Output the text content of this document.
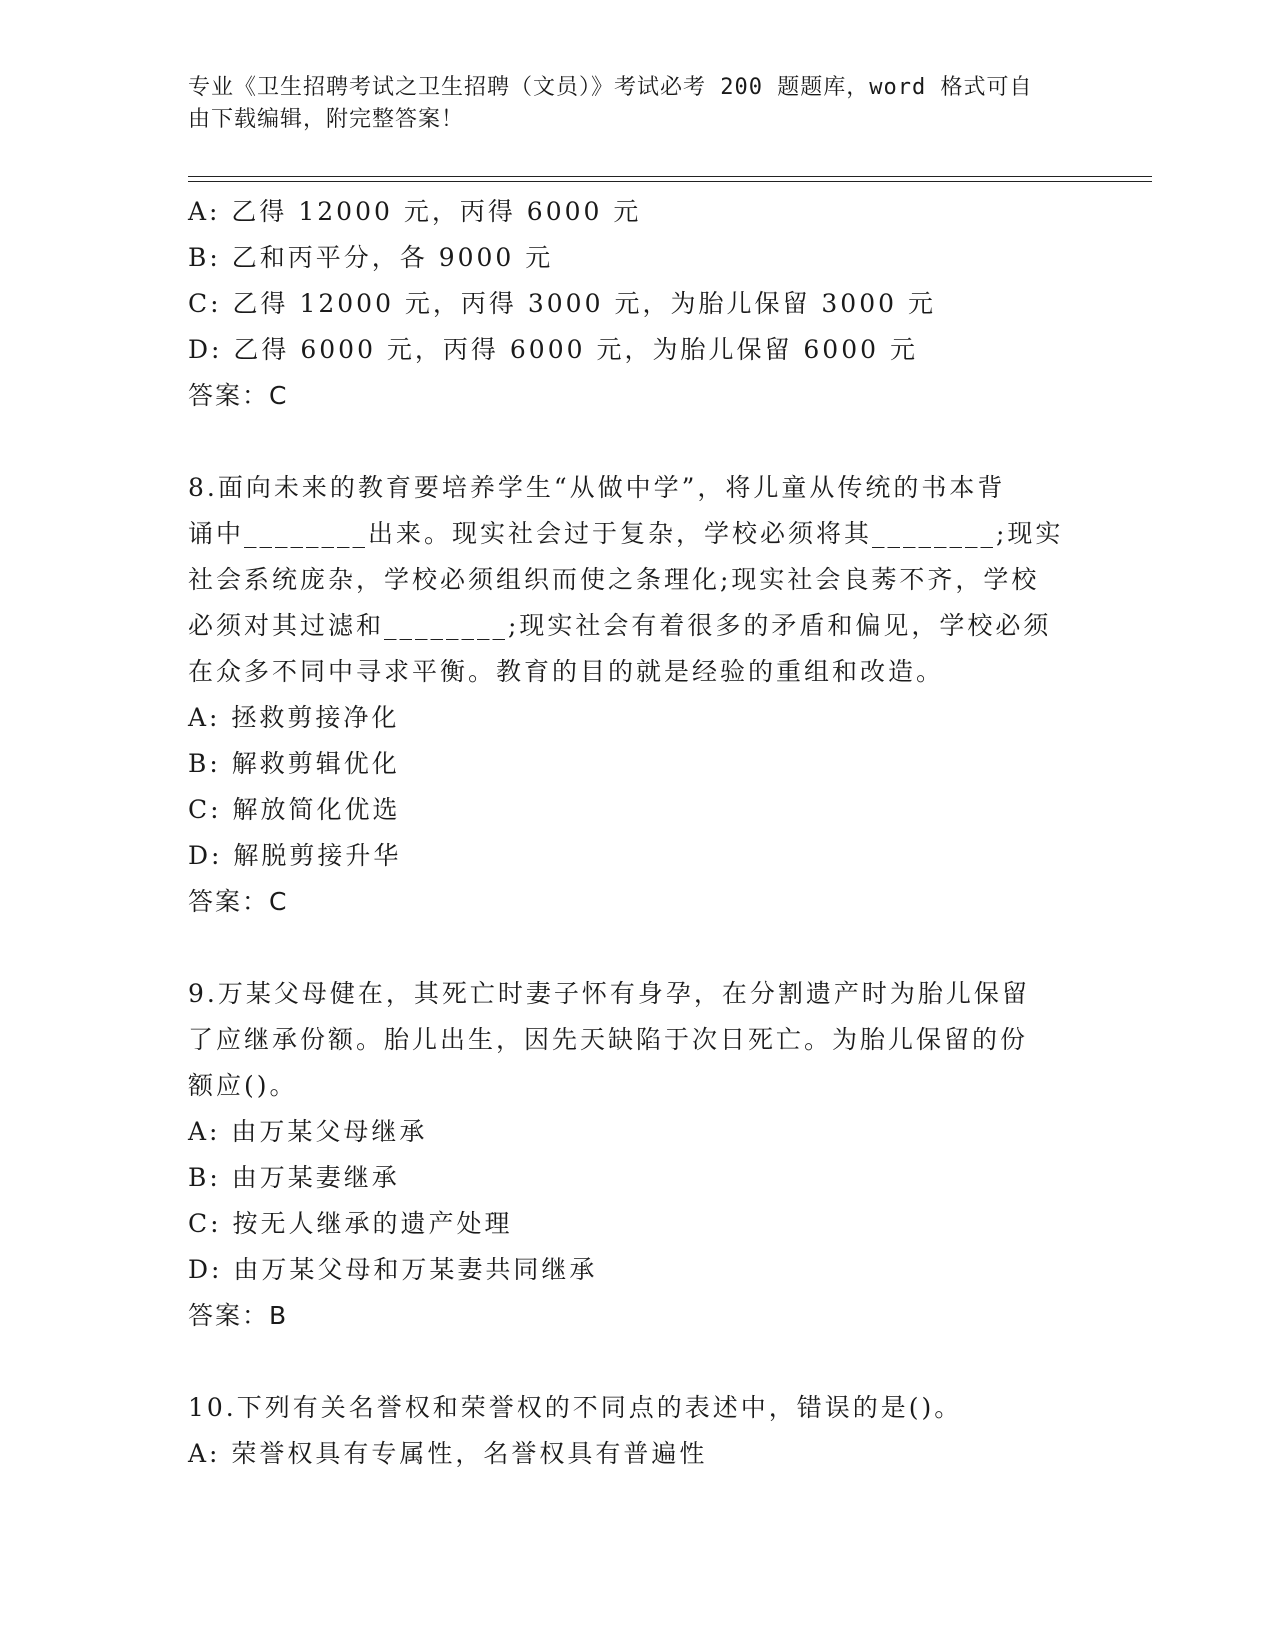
专业《卫生招聘考试之卫生招聘（文员）》考试必考 200 题题库，word 格式可自
由下载编辑，附完整答案！
A: 乙得 12000 元，丙得 6000 元
B: 乙和丙平分，各 9000 元
C: 乙得 12000 元，丙得 3000 元，为胎儿保留 3000 元
D: 乙得 6000 元，丙得 6000 元，为胎儿保留 6000 元
答案：C
8.面向未来的教育要培养学生“从做中学”，将儿童从传统的书本背
诵中________出来。现实社会过于复杂，学校必须将其________;现实
社会系统庞杂，学校必须组织而使之条理化;现实社会良莠不齐，学校
必须对其过滤和________;现实社会有着很多的矛盾和偏见，学校必须
在众多不同中寻求平衡。教育的目的就是经验的重组和改造。
A: 拯救剪接净化
B: 解救剪辑优化
C: 解放简化优选
D: 解脱剪接升华
答案：C
9.万某父母健在，其死亡时妻子怀有身孕，在分割遗产时为胎儿保留
了应继承份额。胎儿出生，因先天缺陷于次日死亡。为胎儿保留的份
额应()。
A: 由万某父母继承
B: 由万某妻继承
C: 按无人继承的遗产处理
D: 由万某父母和万某妻共同继承
答案：B
10.下列有关名誉权和荣誉权的不同点的表述中，错误的是()。
A: 荣誉权具有专属性，名誉权具有普遍性
